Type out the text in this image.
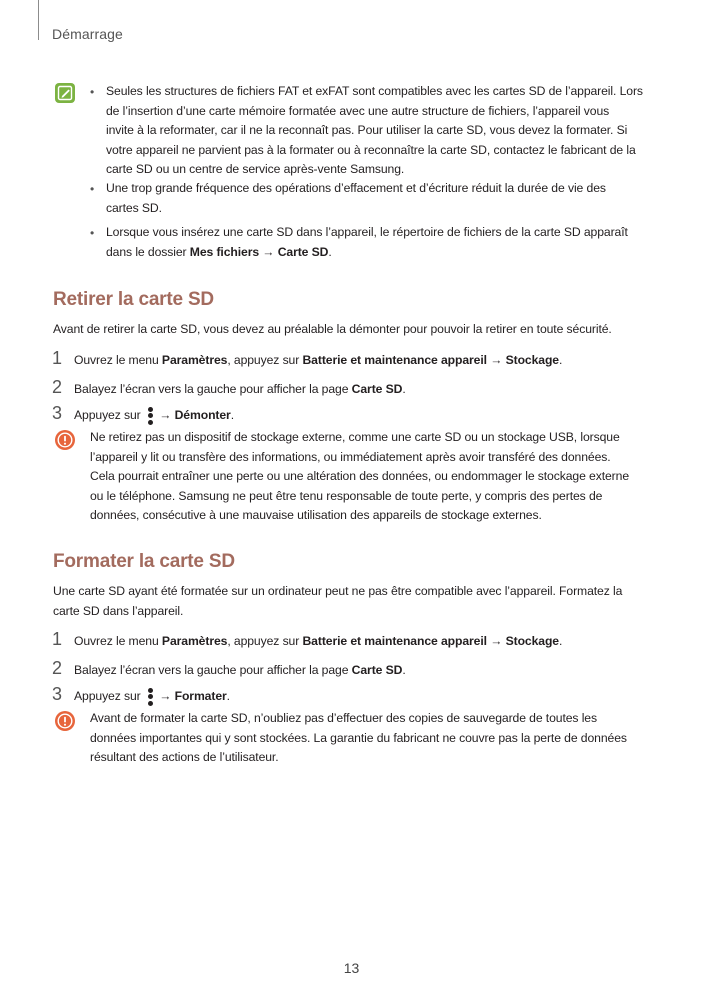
Démarrage
• Seules les structures de fichiers FAT et exFAT sont compatibles avec les cartes SD de l’appareil. Lors
de l’insertion d’une carte mémoire formatée avec une autre structure de fichiers, l’appareil vous
invite à la reformater, car il ne la reconnaît pas. Pour utiliser la carte SD, vous devez la formater. Si
votre appareil ne parvient pas à la formater ou à reconnaître la carte SD, contactez le fabricant de la
carte SD ou un centre de service après-vente Samsung.
• Une trop grande fréquence des opérations d’effacement et d’écriture réduit la durée de vie des
cartes SD.
• Lorsque vous insérez une carte SD dans l’appareil, le répertoire de fichiers de la carte SD apparaît
dans le dossier Mes fichiers → Carte SD.
Retirer la carte SD
Avant de retirer la carte SD, vous devez au préalable la démonter pour pouvoir la retirer en toute sécurité.
1 Ouvrez le menu Paramètres, appuyez sur Batterie et maintenance appareil → Stockage.
2 Balayez l’écran vers la gauche pour afficher la page Carte SD.
3 Appuyez sur
→ Démonter.
Ne retirez pas un dispositif de stockage externe, comme une carte SD ou un stockage USB, lorsque
l’appareil y lit ou transfère des informations, ou immédiatement après avoir transféré des données.
Cela pourrait entraîner une perte ou une altération des données, ou endommager le stockage externe
ou le téléphone. Samsung ne peut être tenu responsable de toute perte, y compris des pertes de
données, consécutive à une mauvaise utilisation des appareils de stockage externes.
Formater la carte SD
Une carte SD ayant été formatée sur un ordinateur peut ne pas être compatible avec l’appareil. Formatez la
carte SD dans l’appareil.
1 Ouvrez le menu Paramètres, appuyez sur Batterie et maintenance appareil → Stockage.
2 Balayez l’écran vers la gauche pour afficher la page Carte SD.
3 Appuyez sur
→ Formater.
Avant de formater la carte SD, n’oubliez pas d’effectuer des copies de sauvegarde de toutes les
données importantes qui y sont stockées. La garantie du fabricant ne couvre pas la perte de données
résultant des actions de l’utilisateur.
13
